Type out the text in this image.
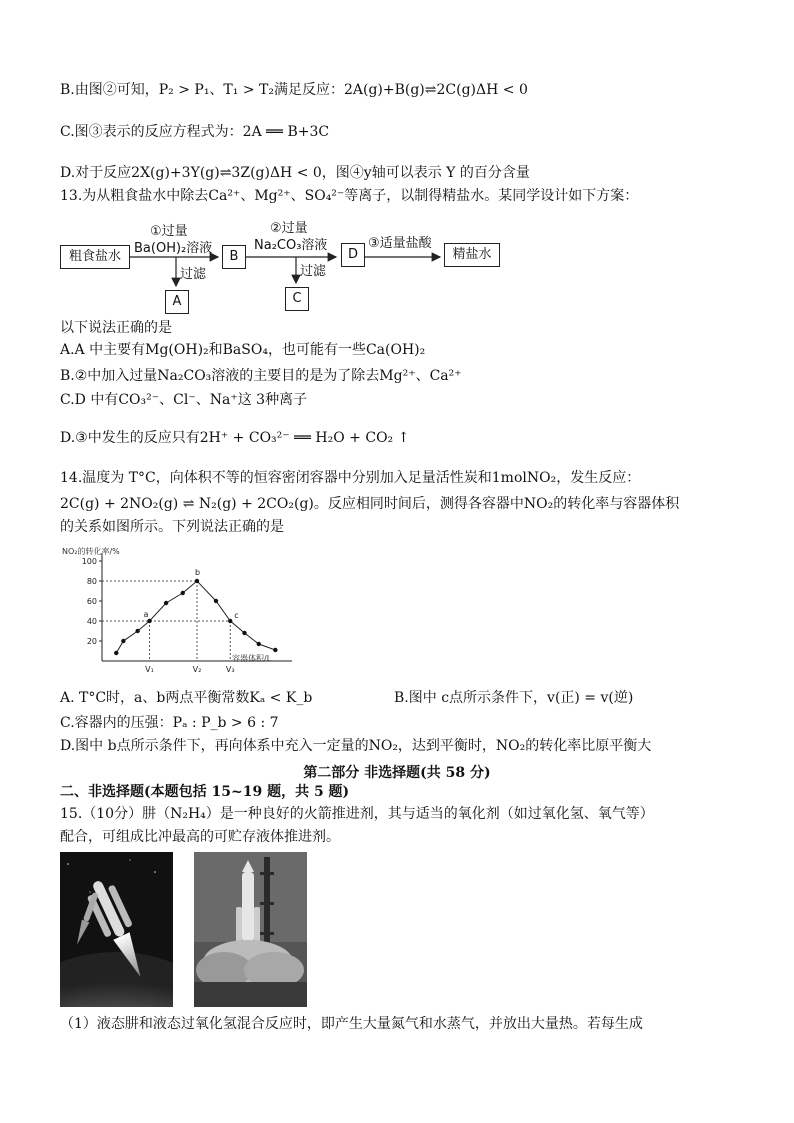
B.由图②可知，P₂ > P₁、T₁ > T₂满足反应：2A(g)+B(g)⇌2C(g)ΔH < 0
C.图③表示的反应方程式为：2A ══ B+3C
D.对于反应2X(g)+3Y(g)⇌3Z(g)ΔH < 0，图④y轴可以表示 Y 的百分含量
13.为从粗食盐水中除去Ca²⁺、Mg²⁺、SO₄²⁻等离子，以制得精盐水。某同学设计如下方案：
粗食盐水
①过量
Ba(OH)₂溶液
B
②过量
Na₂CO₃溶液
D
③适量盐酸
精盐水
过滤
A
过滤
C
以下说法正确的是
A.A 中主要有Mg(OH)₂和BaSO₄，也可能有一些Ca(OH)₂
B.②中加入过量Na₂CO₃溶液的主要目的是为了除去Mg²⁺、Ca²⁺
C.D 中有CO₃²⁻、Cl⁻、Na⁺这 3种离子
D.③中发生的反应只有2H⁺ + CO₃²⁻ ══ H₂O + CO₂ ↑
14.温度为 T°C，向体积不等的恒容密闭容器中分别加入足量活性炭和1molNO₂，发生反应：
2C(g) + 2NO₂(g) ⇌ N₂(g) + 2CO₂(g)。反应相同时间后，测得各容器中NO₂的转化率与容器体积
的关系如图所示。下列说法正确的是
NO₂的转化率/%
容器体积/L
20
40
60
80
100
V₁	V₂	V₃
a
b
c
A. T°C时，a、b两点平衡常数Kₐ < K_b	B.图中 c点所示条件下，v(正) = v(逆)
C.容器内的压强：Pₐ : P_b > 6 : 7
D.图中 b点所示条件下，再向体系中充入一定量的NO₂，达到平衡时，NO₂的转化率比原平衡大
第二部分 非选择题(共 58 分)
二、非选择题(本题包括 15~19 题，共 5 题)
15.（10分）肼（N₂H₄）是一种良好的火箭推进剂，其与适当的氧化剂（如过氧化氢、氧气等）
配合，可组成比冲最高的可贮存液体推进剂。
（1）液态肼和液态过氧化氢混合反应时，即产生大量氮气和水蒸气，并放出大量热。若每生成
